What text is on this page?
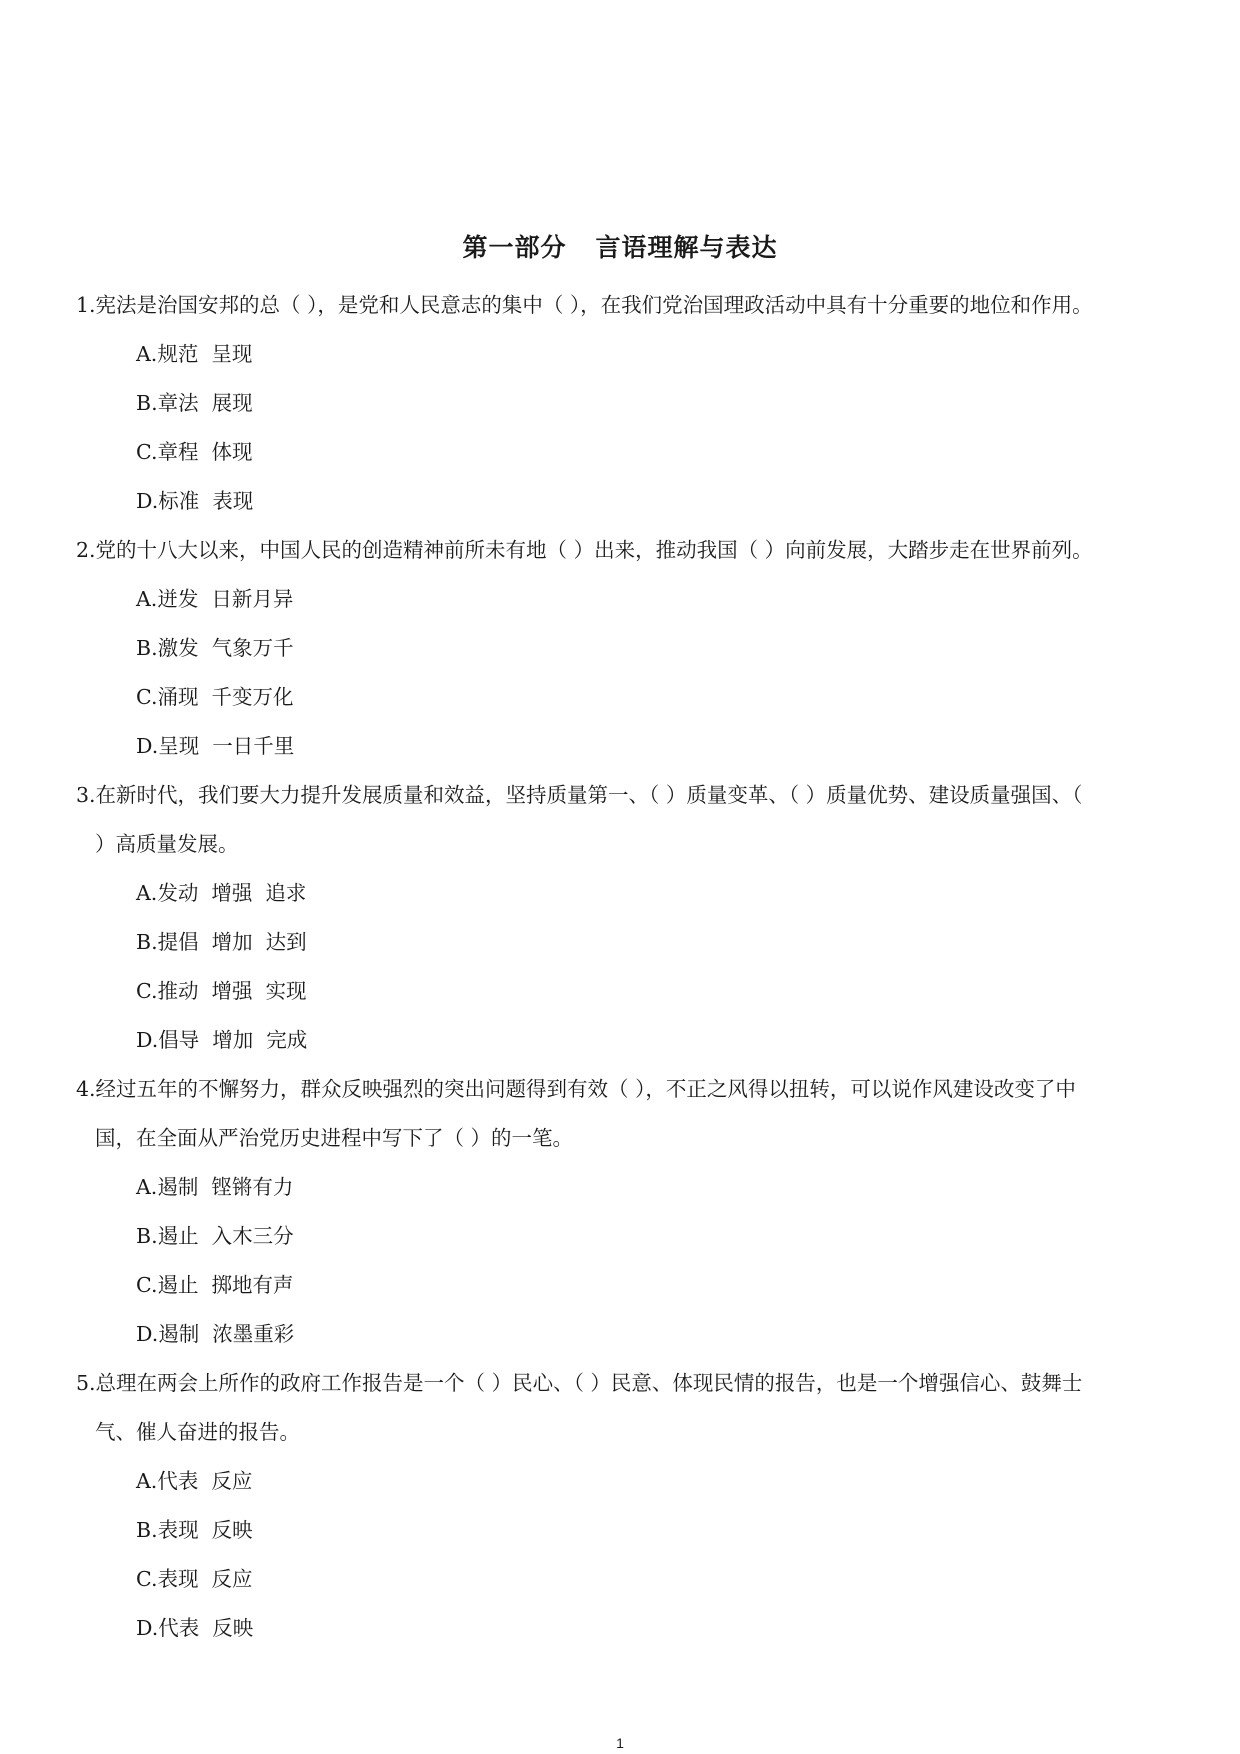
第一部分   言语理解与表达

1.宪法是治国安邦的总（ ），是党和人民意志的集中（ ），在我们党治国理政活动中具有十分重要的地位和作用。

A.规范  呈现

B.章法  展现

C.章程  体现

D.标准  表现

2.党的十八大以来，中国人民的创造精神前所未有地（ ）出来，推动我国（ ）向前发展，大踏步走在世界前列。

A.迸发  日新月异

B.激发  气象万千

C.涌现  千变万化

D.呈现  一日千里

3.在新时代，我们要大力提升发展质量和效益，坚持质量第一、（ ）质量变革、（ ）质量优势、建设质量强国、（ ）高质量发展。

A.发动  增强  追求

B.提倡  增加  达到

C.推动  增强  实现

D.倡导  增加  完成

4.经过五年的不懈努力，群众反映强烈的突出问题得到有效（ ），不正之风得以扭转，可以说作风建设改变了中国，在全面从严治党历史进程中写下了（ ）的一笔。

A.遏制  铿锵有力

B.遏止  入木三分

C.遏止  掷地有声

D.遏制  浓墨重彩

5.总理在两会上所作的政府工作报告是一个（ ）民心、（ ）民意、体现民情的报告，也是一个增强信心、鼓舞士气、催人奋进的报告。

A.代表  反应

B.表现  反映

C.表现  反应

D.代表  反映

1
